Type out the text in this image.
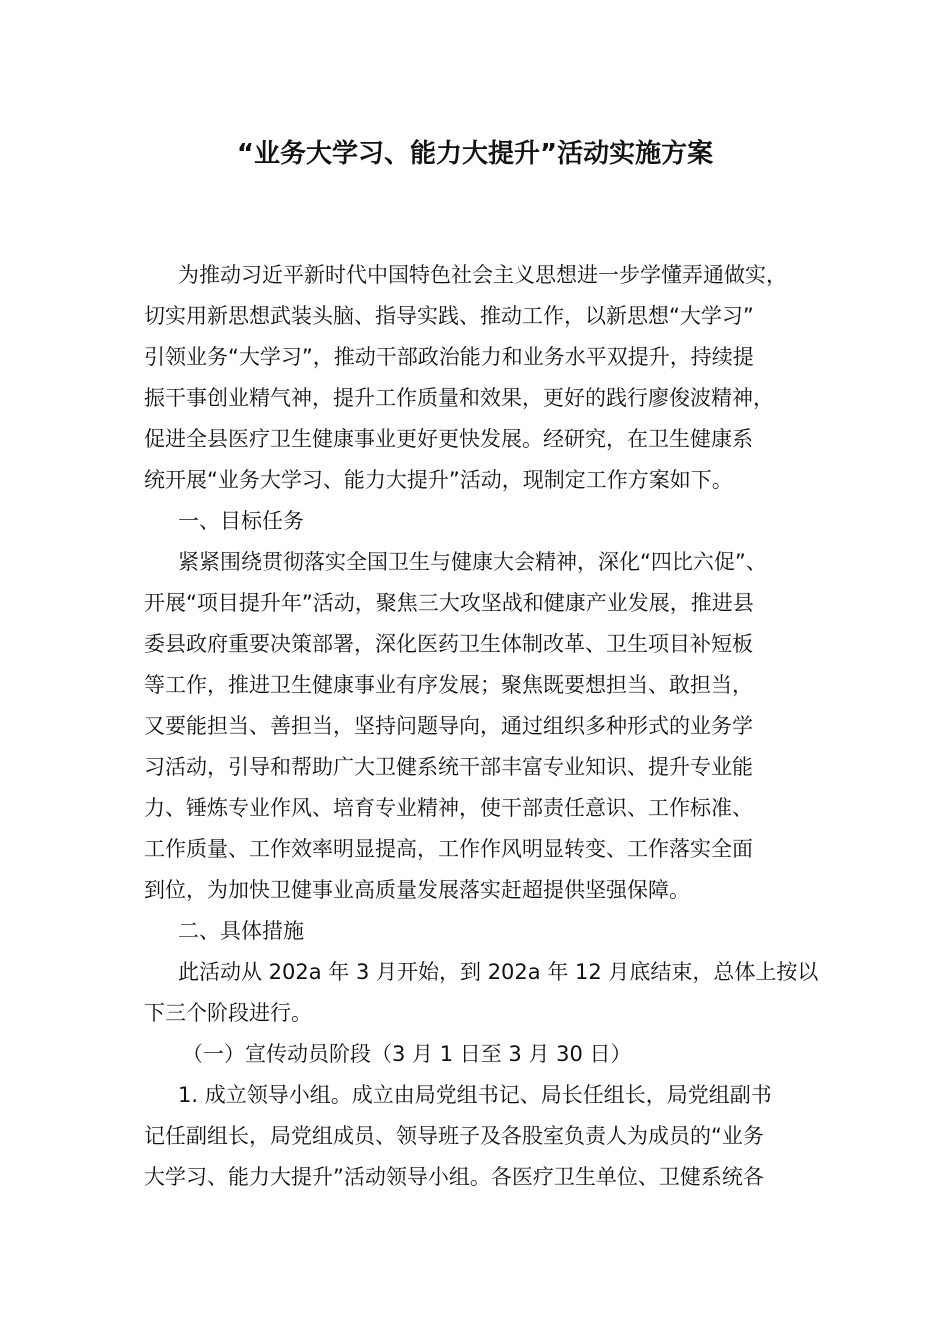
“业务大学习、能力大提升”活动实施方案
为推动习近平新时代中国特色社会主义思想进一步学懂弄通做实，
切实用新思想武装头脑、指导实践、推动工作，以新思想“大学习”
引领业务“大学习”，推动干部政治能力和业务水平双提升，持续提
振干事创业精气神，提升工作质量和效果，更好的践行廖俊波精神，
促进全县医疗卫生健康事业更好更快发展。经研究，在卫生健康系
统开展“业务大学习、能力大提升”活动，现制定工作方案如下。
一、目标任务
紧紧围绕贯彻落实全国卫生与健康大会精神，深化“四比六促”、
开展“项目提升年”活动，聚焦三大攻坚战和健康产业发展，推进县
委县政府重要决策部署，深化医药卫生体制改革、卫生项目补短板
等工作，推进卫生健康事业有序发展；聚焦既要想担当、敢担当，
又要能担当、善担当，坚持问题导向，通过组织多种形式的业务学
习活动，引导和帮助广大卫健系统干部丰富专业知识、提升专业能
力、锤炼专业作风、培育专业精神，使干部责任意识、工作标准、
工作质量、工作效率明显提高，工作作风明显转变、工作落实全面
到位，为加快卫健事业高质量发展落实赶超提供坚强保障。
二、具体措施
此活动从 202a 年 3 月开始，到 202a 年 12 月底结束，总体上按以
下三个阶段进行。
（一）宣传动员阶段（3 月 1 日至 3 月 30 日）
1. 成立领导小组。成立由局党组书记、局长任组长，局党组副书
记任副组长，局党组成员、领导班子及各股室负责人为成员的“业务
大学习、能力大提升”活动领导小组。各医疗卫生单位、卫健系统各
